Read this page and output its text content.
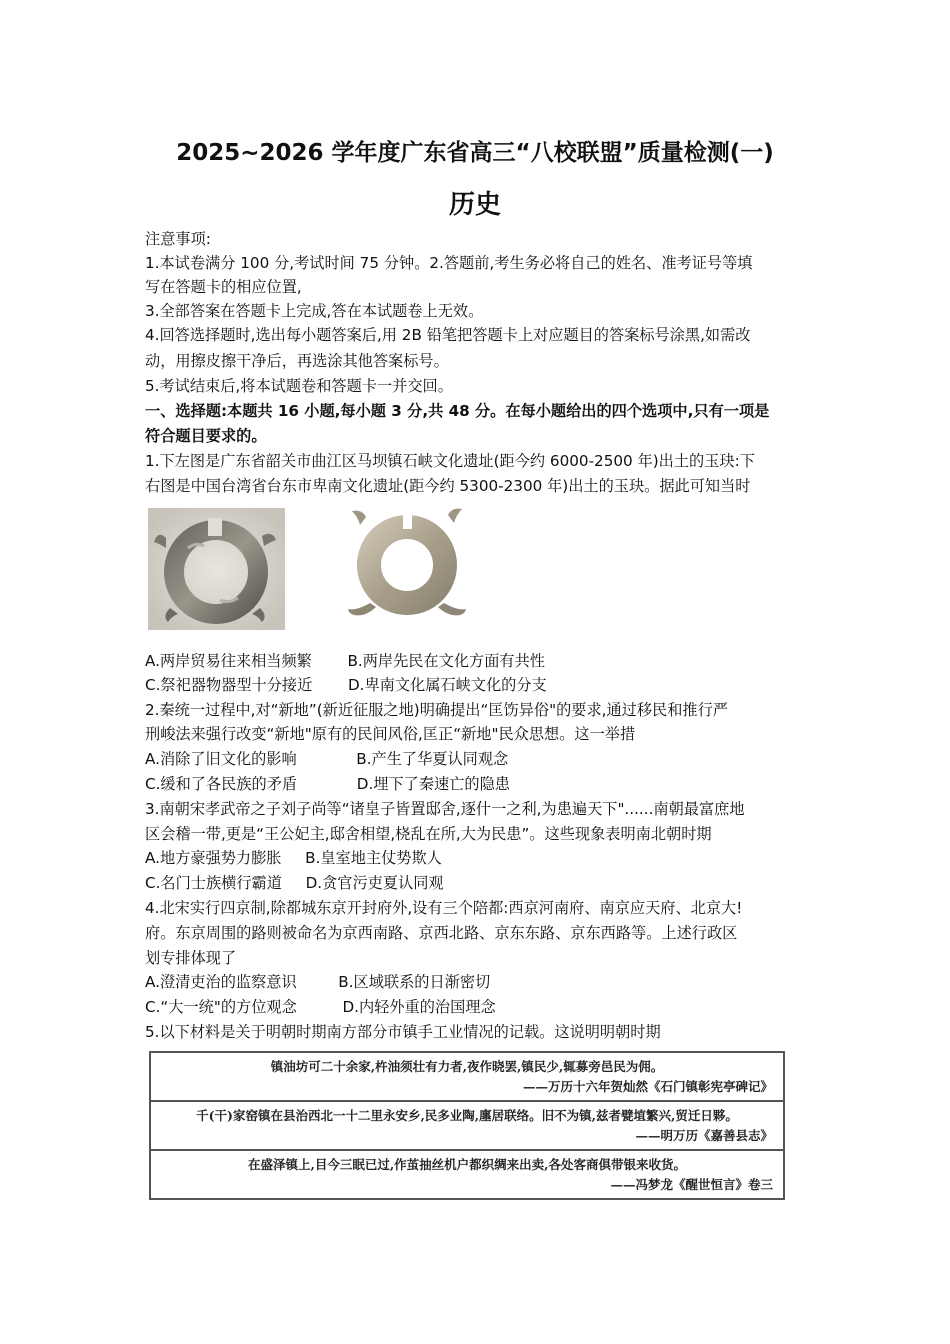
2025~2026 学年度广东省高三“八校联盟”质量检测(一)
历史
注意事项:
1.本试卷满分 100 分,考试时间 75 分钟。2.答题前,考生务必将自己的姓名、准考证号等填
写在答题卡的相应位置,
3.全部答案在答题卡上完成,答在本试题卷上无效。
4.回答选择题时,选出每小题答案后,用 2B 铅笔把答题卡上对应题目的答案标号涂黑,如需改
动，用擦皮擦干净后，再选涂其他答案标号。
5.考试结束后,将本试题卷和答题卡一并交回。
一、选择题:本题共 16 小题,每小题 3 分,共 48 分。在每小题给出的四个选项中,只有一项是
符合题目要求的。
1.下左图是广东省韶关市曲江区马坝镇石峡文化遗址(距今约 6000-2500 年)出土的玉玦:下
右图是中国台湾省台东市卑南文化遗址(距今约 5300-2300 年)出土的玉玦。据此可知当时
A.两岸贸易往来相当频繁 B.两岸先民在文化方面有共性
C.祭祀器物器型十分接近 D.卑南文化属石峡文化的分支
2.秦统一过程中,对“新地”(新近征服之地)明确提出“匡饬异俗"的要求,通过移民和推行严
刑峻法来强行改变“新地"原有的民间风俗,匡正“新地"民众思想。这一举措
A.消除了旧文化的影响	B.产生了华夏认同观念
C.缓和了各民族的矛盾	D.埋下了秦速亡的隐患
3.南朝宋孝武帝之子刘子尚等“诸皇子皆置邸舍,逐什一之利,为患遍天下"......南朝最富庶地
区会稽一带,更是“王公妃主,邸舍相望,桡乱在所,大为民患”。这些现象表明南北朝时期
A.地方豪强势力膨胀 B.皇室地主仗势欺人
C.名门士族横行霸道 D.贪官污吏夏认同观
4.北宋实行四京制,除都城东京开封府外,设有三个陪都:西京河南府、南京应天府、北京大!
府。东京周围的路则被命名为京西南路、京西北路、京东东路、京东西路等。上述行政区
划专排体现了
A.澄清吏治的监察意识	B.区域联系的日渐密切
C.“大一统"的方位观念	D.内轻外重的治国理念
5.以下材料是关于明朝时期南方部分市镇手工业情况的记载。这说明明朝时期
镇油坊可二十余家,杵油须壮有力者,夜作晓罢,镇民少,辄募旁邑民为佣。
——万历十六年贺灿然《石门镇彰宪亭碑记》

千(干)家窑镇在县治西北一十二里永安乡,民多业陶,廛居联络。旧不为镇,兹者甓埴繁兴,贸迁日夥。
——明万历《嘉善县志》

在盛泽镇上,目今三眠已过,作茧抽丝机户都织绸来出卖,各处客商俱带银来收货。
——冯梦龙《醒世恒言》卷三
